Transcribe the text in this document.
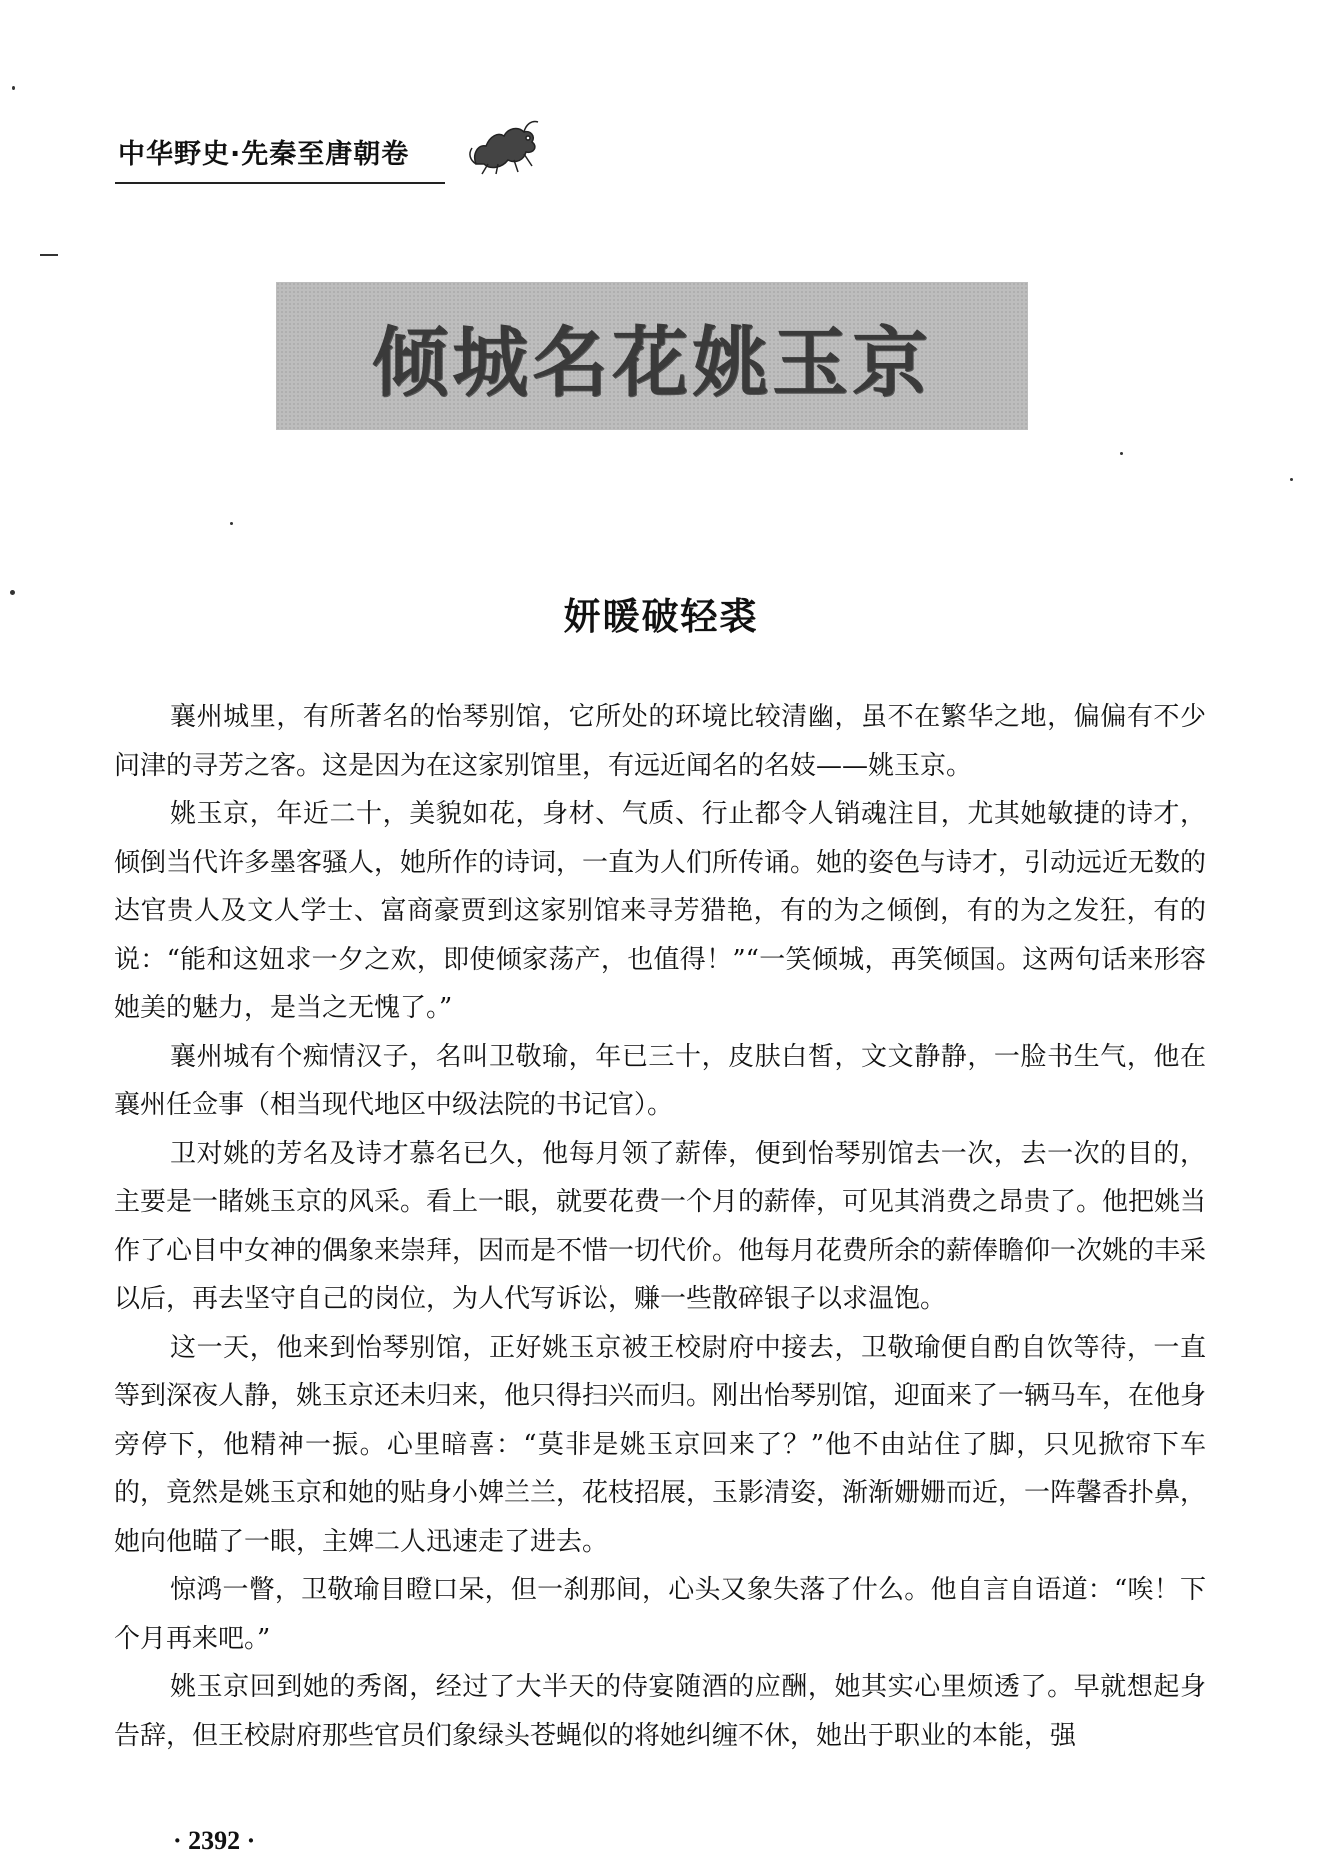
中华野史·先秦至唐朝卷
倾城名花姚玉京
妍暖破轻裘

襄州城里，有所著名的怡琴别馆，它所处的环境比较清幽，虽不在繁华之地，偏偏有不少问津的寻芳之客。这是因为在这家别馆里，有远近闻名的名妓——姚玉京。

姚玉京，年近二十，美貌如花，身材、气质、行止都令人销魂注目，尤其她敏捷的诗才，倾倒当代许多墨客骚人，她所作的诗词，一直为人们所传诵。她的姿色与诗才，引动远近无数的达官贵人及文人学士、富商豪贾到这家别馆来寻芳猎艳，有的为之倾倒，有的为之发狂，有的说：“能和这妞求一夕之欢，即使倾家荡产，也值得！”“一笑倾城，再笑倾国。这两句话来形容她美的魅力，是当之无愧了。”

襄州城有个痴情汉子，名叫卫敬瑜，年已三十，皮肤白皙，文文静静，一脸书生气，他在襄州任佥事（相当现代地区中级法院的书记官）。

卫对姚的芳名及诗才慕名已久，他每月领了薪俸，便到怡琴别馆去一次，去一次的目的，主要是一睹姚玉京的风采。看上一眼，就要花费一个月的薪俸，可见其消费之昂贵了。他把姚当作了心目中女神的偶象来崇拜，因而是不惜一切代价。他每月花费所余的薪俸瞻仰一次姚的丰采以后，再去坚守自己的岗位，为人代写诉讼，赚一些散碎银子以求温饱。

这一天，他来到怡琴别馆，正好姚玉京被王校尉府中接去，卫敬瑜便自酌自饮等待，一直等到深夜人静，姚玉京还未归来，他只得扫兴而归。刚出怡琴别馆，迎面来了一辆马车，在他身旁停下，他精神一振。心里暗喜：“莫非是姚玉京回来了？”他不由站住了脚，只见掀帘下车的，竟然是姚玉京和她的贴身小婢兰兰，花枝招展，玉影清姿，渐渐姗姗而近，一阵馨香扑鼻，她向他瞄了一眼，主婢二人迅速走了进去。

惊鸿一瞥，卫敬瑜目瞪口呆，但一刹那间，心头又象失落了什么。他自言自语道：“唉！下个月再来吧。”

姚玉京回到她的秀阁，经过了大半天的侍宴随酒的应酬，她其实心里烦透了。早就想起身告辞，但王校尉府那些官员们象绿头苍蝇似的将她纠缠不休，她出于职业的本能，强

· 2392 ·
